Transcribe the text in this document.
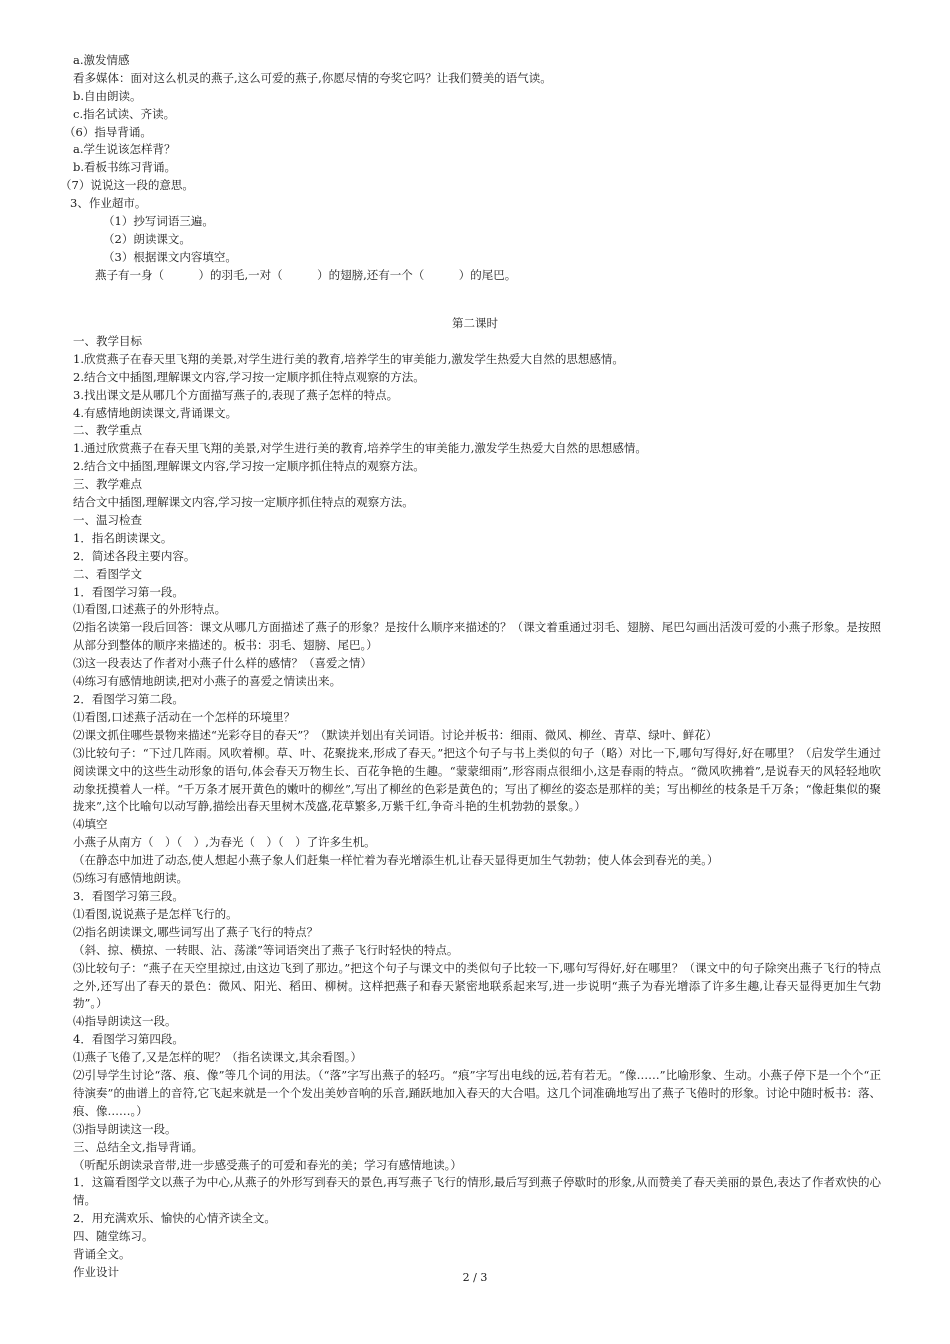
a.激发情感

看多媒体：面对这么机灵的燕子,这么可爱的燕子,你愿尽情的夸奖它吗？让我们赞美的语气读。

b.自由朗读。

c.指名试读、齐读。

（6）指导背诵。

a.学生说该怎样背？

b.看板书练习背诵。

（7）说说这一段的意思。

3、作业超市。

（1）抄写词语三遍。

（2）朗读课文。

（3）根据课文内容填空。

燕子有一身（　　　）的羽毛,一对（　　　）的翅膀,还有一个（　　　）的尾巴。

第二课时

一、教学目标

1.欣赏燕子在春天里飞翔的美景,对学生进行美的教育,培养学生的审美能力,激发学生热爱大自然的思想感情。

2.结合文中插图,理解课文内容,学习按一定顺序抓住特点观察的方法。

3.找出课文是从哪几个方面描写燕子的,表现了燕子怎样的特点。

4.有感情地朗读课文,背诵课文。

二、教学重点

1.通过欣赏燕子在春天里飞翔的美景,对学生进行美的教育,培养学生的审美能力,激发学生热爱大自然的思想感情。

2.结合文中插图,理解课文内容,学习按一定顺序抓住特点的观察方法。

三、教学难点

结合文中插图,理解课文内容,学习按一定顺序抓住特点的观察方法。

一、温习检查

1．指名朗读课文。

2．简述各段主要内容。

二、看图学文

1．看图学习第一段。

⑴看图,口述燕子的外形特点。

⑵指名读第一段后回答：课文从哪几方面描述了燕子的形象？是按什么顺序来描述的？（课文着重通过羽毛、翅膀、尾巴勾画出活泼可爱的小燕子形象。是按照从部分到整体的顺序来描述的。板书：羽毛、翅膀、尾巴。）

⑶这一段表达了作者对小燕子什么样的感情？（喜爱之情）

⑷练习有感情地朗读,把对小燕子的喜爱之情读出来。

2．看图学习第二段。

⑴看图,口述燕子活动在一个怎样的环境里？

⑵课文抓住哪些景物来描述“光彩夺目的春天”？（默读并划出有关词语。讨论并板书：细雨、微风、柳丝、青草、绿叶、鲜花）

⑶比较句子：“下过几阵雨。风吹着柳。草、叶、花聚拢来,形成了春天。”把这个句子与书上类似的句子（略）对比一下,哪句写得好,好在哪里？（启发学生通过阅读课文中的这些生动形象的语句,体会春天万物生长、百花争艳的生趣。“蒙蒙细雨”,形容雨点很细小,这是春雨的特点。“微风吹拂着”,是说春天的风轻轻地吹动象抚摸着人一样。“千万条才展开黄色的嫩叶的柳丝”,写出了柳丝的色彩是黄色的；写出了柳丝的姿态是那样的美；写出柳丝的枝条是千万条；“像赶集似的聚拢来”,这个比喻句以动写静,描绘出春天里树木茂盛,花草繁多,万紫千红,争奇斗艳的生机勃勃的景象。）

⑷填空

小燕子从南方（　）（　）,为春光（　）（　）了许多生机。

（在静态中加进了动态,使人想起小燕子象人们赶集一样忙着为春光增添生机,让春天显得更加生气勃勃；使人体会到春光的美。）

⑸练习有感情地朗读。

3．看图学习第三段。

⑴看图,说说燕子是怎样飞行的。

⑵指名朗读课文,哪些词写出了燕子飞行的特点？

（斜、掠、横掠、一转眼、沾、荡漾”等词语突出了燕子飞行时轻快的特点。

⑶比较句子：“燕子在天空里掠过,由这边飞到了那边。”把这个句子与课文中的类似句子比较一下,哪句写得好,好在哪里？（课文中的句子除突出燕子飞行的特点之外,还写出了春天的景色：微风、阳光、稻田、柳树。这样把燕子和春天紧密地联系起来写,进一步说明“燕子为春光增添了许多生趣,让春天显得更加生气勃勃”。）

⑷指导朗读这一段。

4．看图学习第四段。

⑴燕子飞倦了,又是怎样的呢？（指名读课文,其余看图。）

⑵引导学生讨论“落、痕、像”等几个词的用法。（“落”字写出燕子的轻巧。“痕”字写出电线的远,若有若无。“像……”比喻形象、生动。小燕子停下是一个个“正待演奏”的曲谱上的音符,它飞起来就是一个个发出美妙音响的乐音,踊跃地加入春天的大合唱。这几个词准确地写出了燕子飞倦时的形象。讨论中随时板书：落、痕、像……。）

⑶指导朗读这一段。

三、总结全文,指导背诵。

（听配乐朗读录音带,进一步感受燕子的可爱和春光的美；学习有感情地读。）

1．这篇看图学文以燕子为中心,从燕子的外形写到春天的景色,再写燕子飞行的情形,最后写到燕子停歇时的形象,从而赞美了春天美丽的景色,表达了作者欢快的心情。

2．用充满欢乐、愉快的心情齐读全文。

四、随堂练习。

背诵全文。

作业设计	2 / 3
